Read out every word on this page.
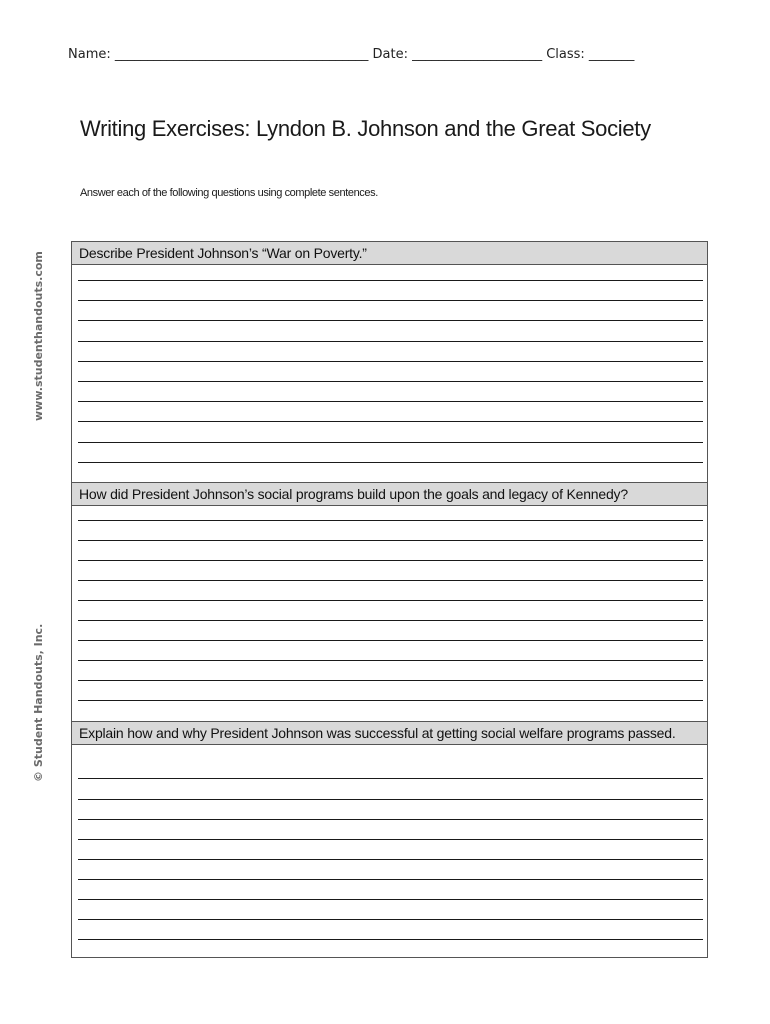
Name: _______________________________________ Date: ____________________ Class: _______
Writing Exercises: Lyndon B. Johnson and the Great Society
Answer each of the following questions using complete sentences.
www.studenthandouts.com
© Student Handouts, Inc.
Describe President Johnson’s “War on Poverty.”
How did President Johnson’s social programs build upon the goals and legacy of Kennedy?
Explain how and why President Johnson was successful at getting social welfare programs passed.
